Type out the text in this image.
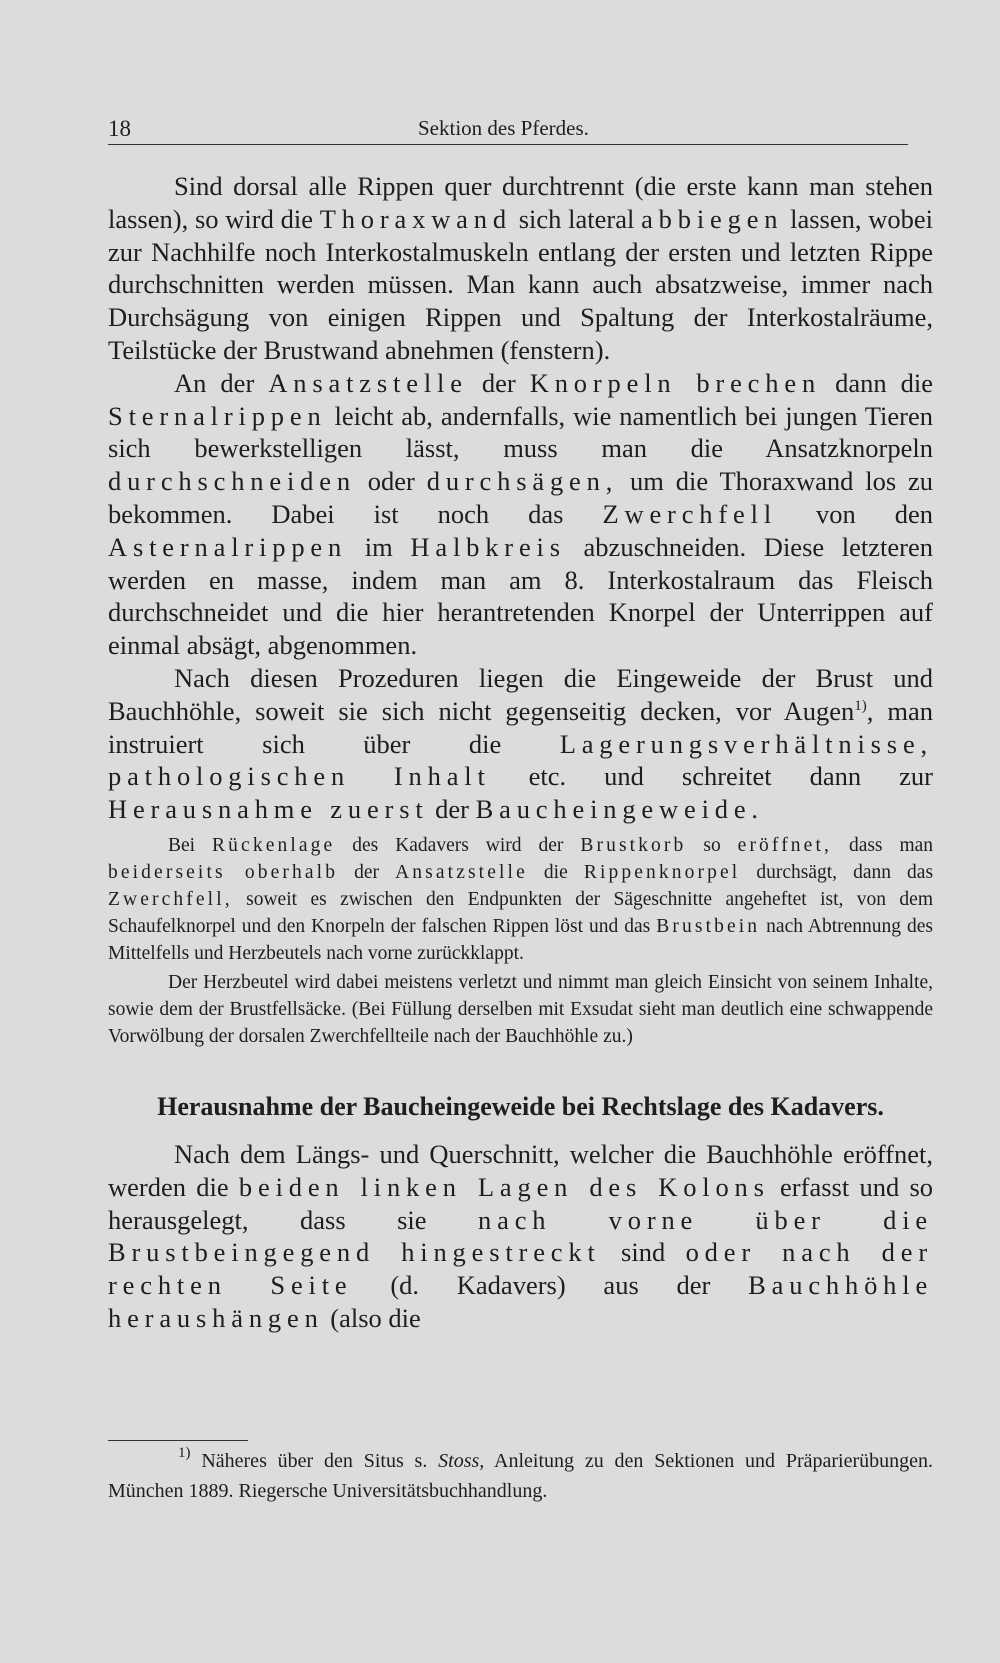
18	Sektion des Pferdes.

Sind dorsal alle Rippen quer durchtrennt (die erste kann man stehen lassen), so wird die Thoraxwand sich lateral abbiegen lassen, wobei zur Nachhilfe noch Interkostalmuskeln entlang der ersten und letzten Rippe durchschnitten werden müssen. Man kann auch absatzweise, immer nach Durchsägung von einigen Rippen und Spaltung der Interkostalräume, Teilstücke der Brustwand abnehmen (fenstern).

An der Ansatzstelle der Knorpeln brechen dann die Sternalrippen leicht ab, andernfalls, wie namentlich bei jungen Tieren sich bewerkstelligen lässt, muss man die Ansatzknorpeln durchschneiden oder durchsägen, um die Thoraxwand los zu bekommen. Dabei ist noch das Zwerchfell von den Asternalrippen im Halbkreis abzuschneiden. Diese letzteren werden en masse, indem man am 8. Interkostalraum das Fleisch durchschneidet und die hier herantretenden Knorpel der Unterrippen auf einmal absägt, abgenommen.

Nach diesen Prozeduren liegen die Eingeweide der Brust und Bauchhöhle, soweit sie sich nicht gegenseitig decken, vor Augen$^{1)}$, man instruiert sich über die Lagerungsverhältnisse, pathologischen Inhalt etc. und schreitet dann zur Herausnahme zuerst der Baucheingeweide.

Bei Rückenlage des Kadavers wird der Brustkorb so eröffnet, dass man beiderseits oberhalb der Ansatzstelle die Rippenknorpel durchsägt, dann das Zwerchfell, soweit es zwischen den Endpunkten der Sägeschnitte angeheftet ist, von dem Schaufelknorpel und den Knorpeln der falschen Rippen löst und das Brustbein nach Abtrennung des Mittelfells und Herzbeutels nach vorne zurückklappt.

Der Herzbeutel wird dabei meistens verletzt und nimmt man gleich Einsicht von seinem Inhalte, sowie dem der Brustfellsäcke. (Bei Füllung derselben mit Exsudat sieht man deutlich eine schwappende Vorwölbung der dorsalen Zwerchfellteile nach der Bauchhöhle zu.)

Herausnahme der Baucheingeweide bei Rechtslage des Kadavers.

Nach dem Längs- und Querschnitt, welcher die Bauchhöhle eröffnet, werden die beiden linken Lagen des Kolons erfasst und so herausgelegt, dass sie nach vorne über die Brustbeingegend hingestreckt sind oder nach der rechten Seite (d. Kadavers) aus der Bauchhöhle heraushängen (also die

$^{1)}$ Näheres über den Situs s. Stoss, Anleitung zu den Sektionen und Präparierübungen. München 1889. Riegersche Universitätsbuchhandlung.
